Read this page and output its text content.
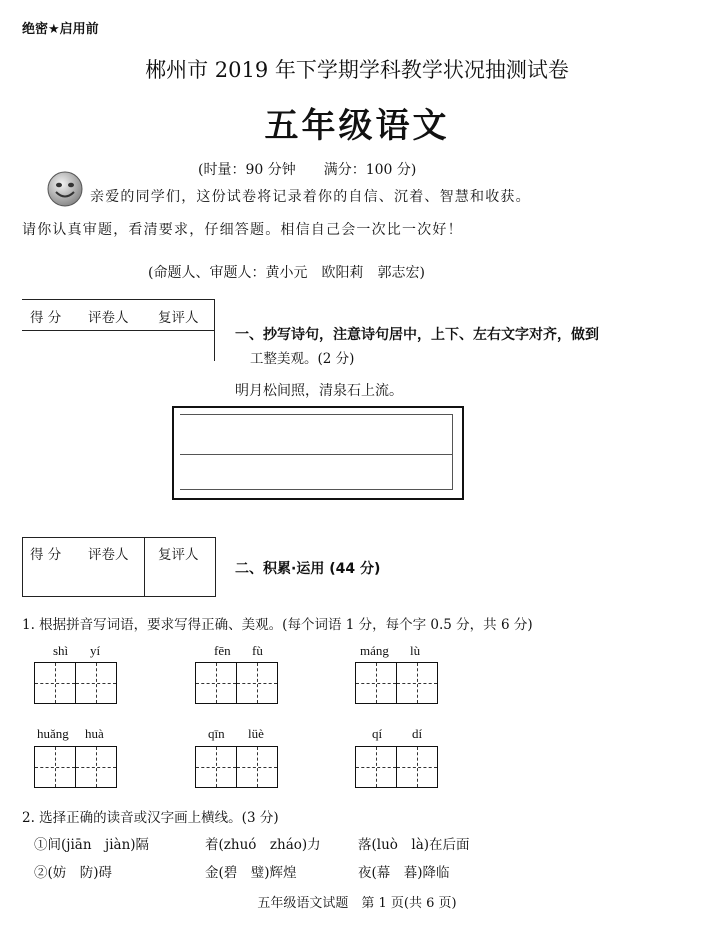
绝密★启用前
郴州市 2019 年下学期学科教学状况抽测试卷
五年级语文
(时量：90 分钟　　满分：100 分)
亲爱的同学们，这份试卷将记录着你的自信、沉着、智慧和收获。
请你认真审题，看清要求，仔细答题。相信自己会一次比一次好！
(命题人、审题人：黄小元　欧阳莉　郭志宏)
得 分 评卷人 复评人
一、抄写诗句，注意诗句居中，上下、左右文字对齐，做到
工整美观。(2 分)
明月松间照，清泉石上流。
得 分 评卷人 复评人
二、积累·运用 (44 分)
1. 根据拼音写词语，要求写得正确、美观。(每个词语 1 分，每个字 0.5 分，共 6 分)
shì yí	fēn fù	máng lù
huǎng huà	qīn lüè	qí dí
2. 选择正确的读音或汉字画上横线。(3 分)
①间(jiān　jiàn)隔	着(zhuó　zháo)力	落(luò　là)在后面
②(妨　防)碍	金(碧　璧)辉煌	夜(幕　暮)降临
五年级语文试题　第 1 页(共 6 页)
